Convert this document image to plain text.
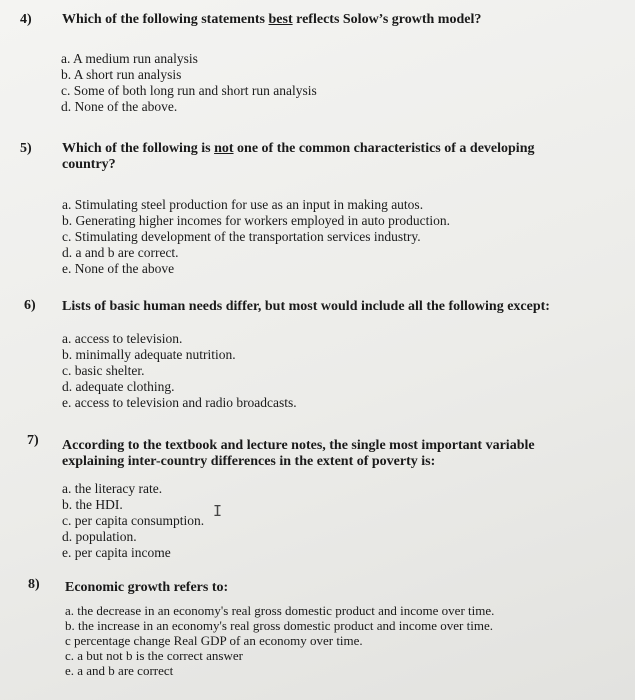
4) Which of the following statements best reflects Solow’s growth model?
a. A medium run analysis
b. A short run analysis
c. Some of both long run and short run analysis
d. None of the above.
5) Which of the following is not one of the common characteristics of a developing country?
a. Stimulating steel production for use as an input in making autos.
b. Generating higher incomes for workers employed in auto production.
c. Stimulating development of the transportation services industry.
d. a and b are correct.
e. None of the above
6) Lists of basic human needs differ, but most would include all the following except:
a. access to television.
b. minimally adequate nutrition.
c. basic shelter.
d. adequate clothing.
e. access to television and radio broadcasts.
7) According to the textbook and lecture notes, the single most important variable explaining inter-country differences in the extent of poverty is:
a. the literacy rate.
b. the HDI.
c. per capita consumption.
d. population.
e. per capita income
I
8) Economic growth refers to:
a. the decrease in an economy's real gross domestic product and income over time.
b. the increase in an economy's real gross domestic product and income over time.
c percentage change Real GDP of an economy over time.
c. a but not b is the correct answer
e. a and b are correct
